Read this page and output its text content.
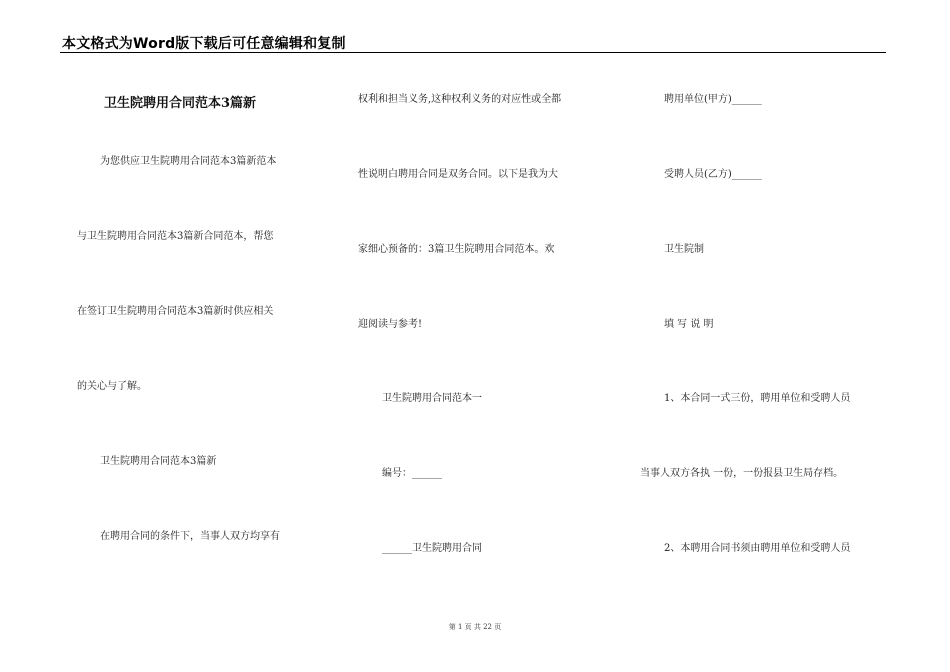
本文格式为Word版下载后可任意编辑和复制
卫生院聘用合同范本3篇新
为您供应卫生院聘用合同范本3篇新范本
与卫生院聘用合同范本3篇新合同范本，帮您
在签订卫生院聘用合同范本3篇新时供应相关
的关心与了解。
卫生院聘用合同范本3篇新
在聘用合同的条件下，当事人双方均享有
权利和担当义务,这种权利义务的对应性或全都
性说明白聘用合同是双务合同。以下是我为大
家细心预备的：3篇卫生院聘用合同范本。欢
迎阅读与参考!
卫生院聘用合同范本一
编号：______
______卫生院聘用合同
聘用单位(甲方)______
受聘人员(乙方)______
卫生院制
填 写 说 明
1、本合同一式三份，聘用单位和受聘人员
当事人双方各执 一份，一份报县卫生局存档。
2、本聘用合同书须由聘用单位和受聘人员
第 1 页 共 22 页
